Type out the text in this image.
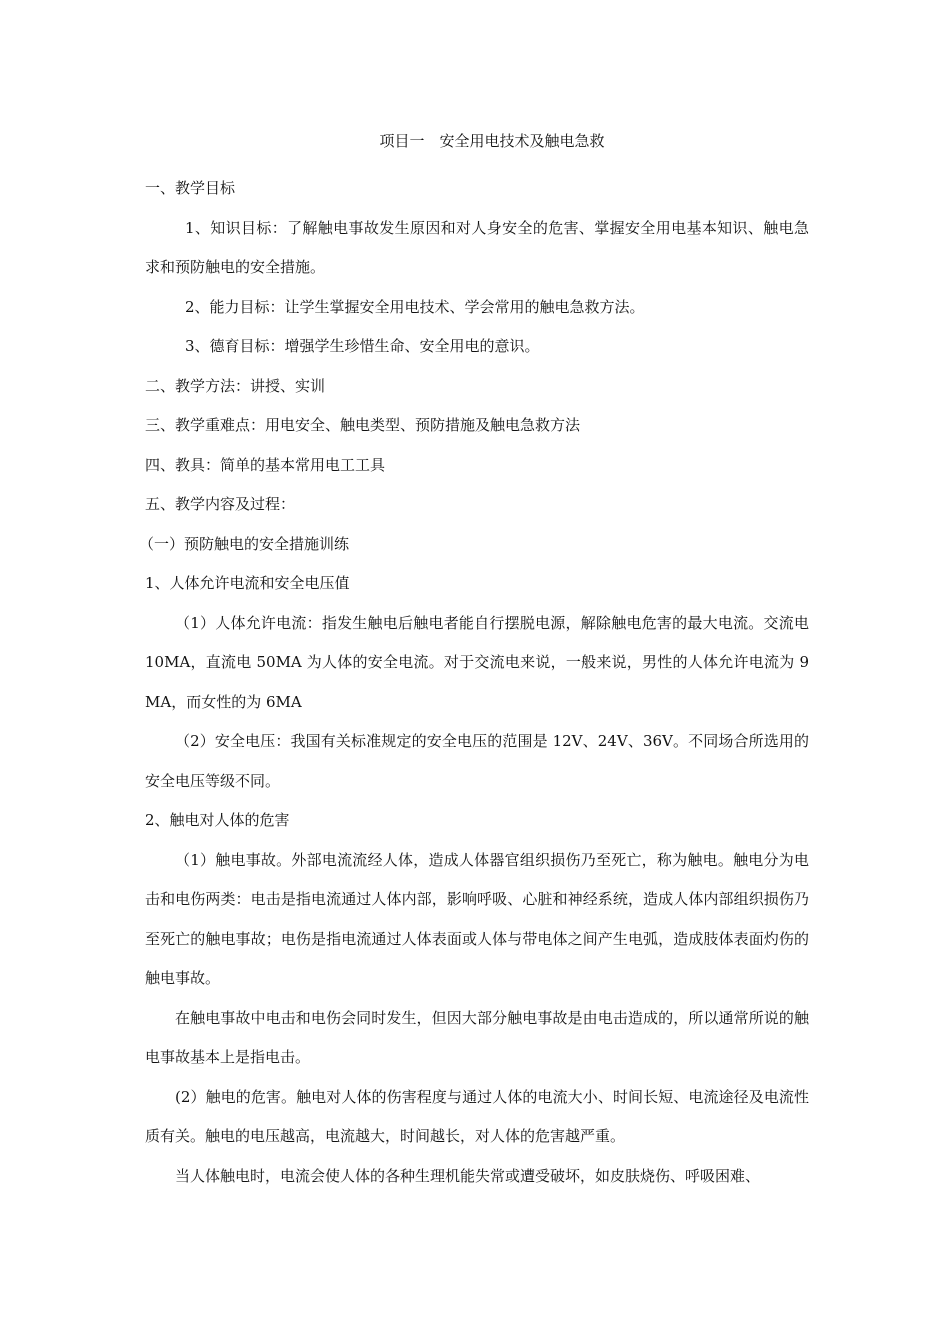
项目一　安全用电技术及触电急救

一、教学目标

1、知识目标：了解触电事故发生原因和对人身安全的危害、掌握安全用电基本知识、触电急求和预防触电的安全措施。

2、能力目标：让学生掌握安全用电技术、学会常用的触电急救方法。

3、德育目标：增强学生珍惜生命、安全用电的意识。

二、教学方法：讲授、实训

三、教学重难点：用电安全、触电类型、预防措施及触电急救方法

四、教具：简单的基本常用电工工具

五、教学内容及过程：

（一）预防触电的安全措施训练

1、人体允许电流和安全电压值

（1）人体允许电流：指发生触电后触电者能自行摆脱电源，解除触电危害的最大电流。交流电 10MA，直流电 50MA 为人体的安全电流。对于交流电来说，一般来说，男性的人体允许电流为 9MA，而女性的为 6MA

（2）安全电压：我国有关标准规定的安全电压的范围是 12V、24V、36V。不同场合所选用的安全电压等级不同。

2、触电对人体的危害

（1）触电事故。外部电流流经人体，造成人体器官组织损伤乃至死亡，称为触电。触电分为电击和电伤两类：电击是指电流通过人体内部，影响呼吸、心脏和神经系统，造成人体内部组织损伤乃至死亡的触电事故；电伤是指电流通过人体表面或人体与带电体之间产生电弧，造成肢体表面灼伤的触电事故。

在触电事故中电击和电伤会同时发生，但因大部分触电事故是由电击造成的，所以通常所说的触电事故基本上是指电击。

(2）触电的危害。触电对人体的伤害程度与通过人体的电流大小、时间长短、电流途径及电流性质有关。触电的电压越高，电流越大，时间越长，对人体的危害越严重。

当人体触电时，电流会使人体的各种生理机能失常或遭受破坏，如皮肤烧伤、呼吸困难、
